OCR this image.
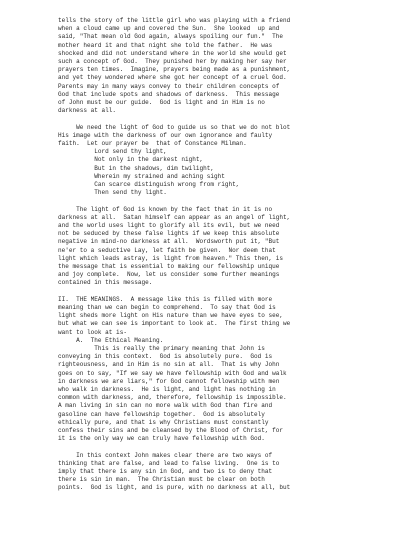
tells the story of the little girl who was playing with a friend
when a cloud came up and covered the Sun.  She looked  up and
said, "That mean old God again, always spoiling our fun."  The
mother heard it and that night she told the father.  He was
shocked and did not understand where in the world she would get
such a concept of God.  They punished her by making her say her
prayers ten times.  Imagine, prayers being made as a punishment,
and yet they wondered where she got her concept of a cruel God.
Parents may in many ways convey to their children concepts of
God that include spots and shadows of darkness.  This message
of John must be our guide.  God is light and in Him is no
darkness at all.
We need the light of God to guide us so that we do not blot
His image with the darkness of our own ignorance and faulty
faith.  Let our prayer be  that of Constance Milman.
Lord send thy light,
Not only in the darkest night,
But in the shadows, dim twilight,
Wherein my strained and aching sight
Can scarce distinguish wrong from right,
Then send thy light.
The light of God is known by the fact that in it is no
darkness at all.  Satan himself can appear as an angel of light,
and the world uses light to glorify all its evil, but we need
not be seduced by these false lights if we keep this absolute
negative in mind-no darkness at all.  Wordsworth put it, "But
ne'er to a seductive Lay, let faith be given.  Nor deem that
light which leads astray, is light from heaven." This then, is
the message that is essential to making our fellowship unique
and joy complete.  Now, let us consider some further meanings
contained in this message.
II.  THE MEANINGS.  A message like this is filled with more
meaning than we can begin to comprehend.  To say that God is
light sheds more light on His nature than we have eyes to see,
but what we can see is important to look at.  The first thing we
want to look at is-
A.  The Ethical Meaning.
This is really the primary meaning that John is
conveying in this context.  God is absolutely pure.  God is
righteousness, and in Him is no sin at all.  That is why John
goes on to say, "If we say we have fellowship with God and walk
in darkness we are liars," for God cannot fellowship with men
who walk in darkness.  He is light, and light has nothing in
common with darkness, and, therefore, fellowship is impossible.
A man living in sin can no more walk with God than fire and
gasoline can have fellowship together.  God is absolutely
ethically pure, and that is why Christians must constantly
confess their sins and be cleansed by the Blood of Christ, for
it is the only way we can truly have fellowship with God.
In this context John makes clear there are two ways of
thinking that are false, and lead to false living.  One is to
imply that there is any sin in God, and two is to deny that
there is sin in man.  The Christian must be clear on both
points.  God is light, and is pure, with no darkness at all, but
